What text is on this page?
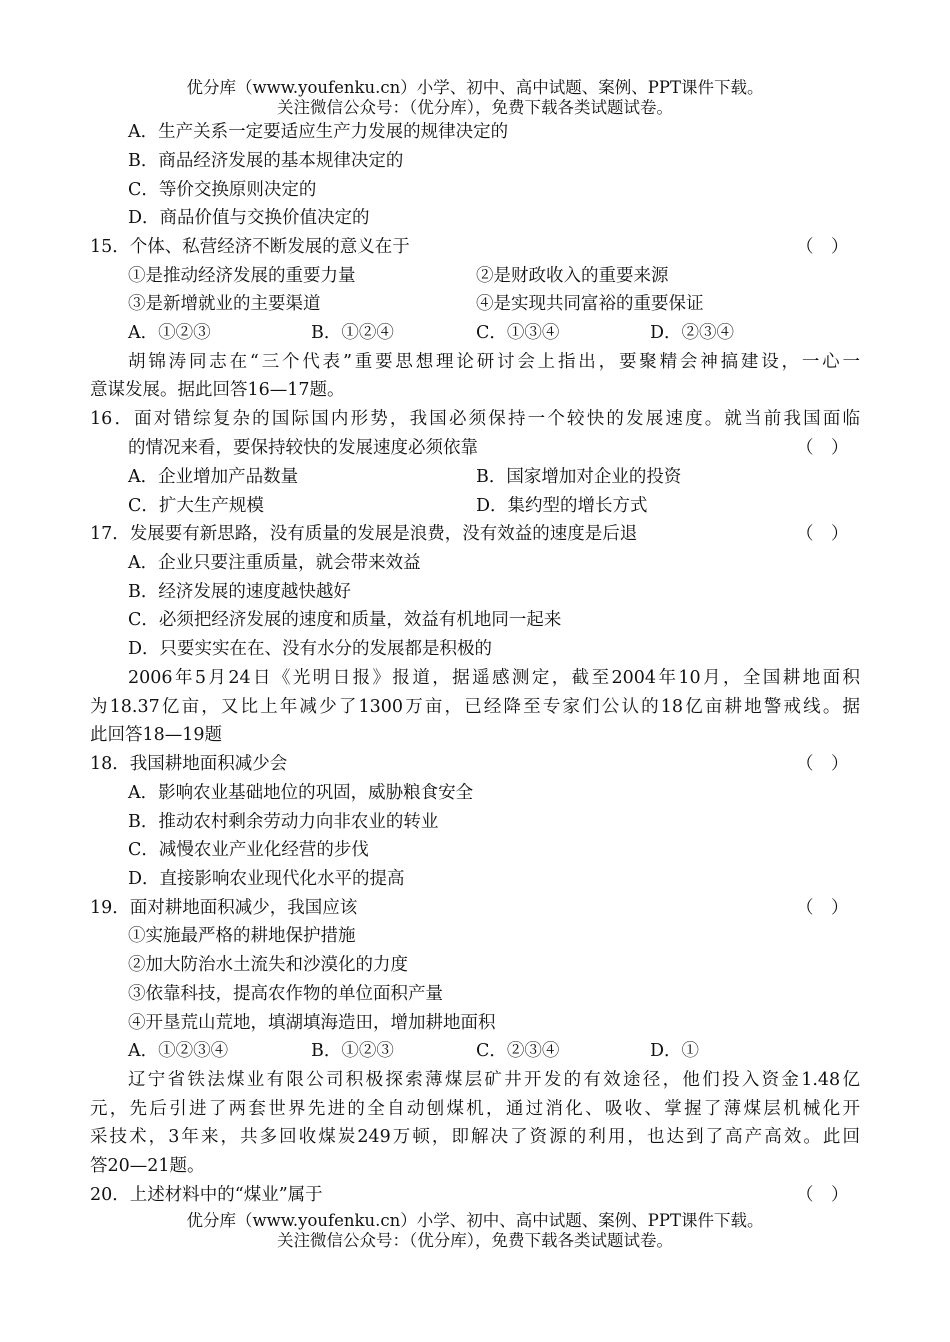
优分库（www.youfenku.cn）小学、初中、高中试题、案例、PPT课件下载。
关注微信公众号：（优分库），免费下载各类试题试卷。
A．生产关系一定要适应生产力发展的规律决定的
B．商品经济发展的基本规律决定的
C．等价交换原则决定的
D．商品价值与交换价值决定的
15．个体、私营经济不断发展的意义在于	（　）
①是推动经济发展的重要力量	②是财政收入的重要来源
③是新增就业的主要渠道	④是实现共同富裕的重要保证
A．①②③	B．①②④	C．①③④	D．②③④
胡锦涛同志在“三个代表”重要思想理论研讨会上指出，要聚精会神搞建设，一心一
意谋发展。据此回答16—17题。
16．面对错综复杂的国际国内形势，我国必须保持一个较快的发展速度。就当前我国面临
的情况来看，要保持较快的发展速度必须依靠	（　）
A．企业增加产品数量	B．国家增加对企业的投资
C．扩大生产规模	D．集约型的增长方式
17．发展要有新思路，没有质量的发展是浪费，没有效益的速度是后退	（　）
A．企业只要注重质量，就会带来效益
B．经济发展的速度越快越好
C．必须把经济发展的速度和质量，效益有机地同一起来
D．只要实实在在、没有水分的发展都是积极的
2006年5月24日《光明日报》报道，据遥感测定，截至2004年10月，全国耕地面积
为18.37亿亩，又比上年减少了1300万亩，已经降至专家们公认的18亿亩耕地警戒线。据
此回答18—19题
18．我国耕地面积减少会	（　）
A．影响农业基础地位的巩固，威胁粮食安全
B．推动农村剩余劳动力向非农业的转业
C．减慢农业产业化经营的步伐
D．直接影响农业现代化水平的提高
19．面对耕地面积减少，我国应该	（　）
①实施最严格的耕地保护措施
②加大防治水土流失和沙漠化的力度
③依靠科技，提高农作物的单位面积产量
④开垦荒山荒地，填湖填海造田，增加耕地面积
A．①②③④	B．①②③	C．②③④	D．①
辽宁省铁法煤业有限公司积极探索薄煤层矿井开发的有效途径，他们投入资金1.48亿
元，先后引进了两套世界先进的全自动刨煤机，通过消化、吸收、掌握了薄煤层机械化开
采技术，3年来，共多回收煤炭249万顿，即解决了资源的利用，也达到了高产高效。此回
答20—21题。
20．上述材料中的“煤业”属于	（　）
优分库（www.youfenku.cn）小学、初中、高中试题、案例、PPT课件下载。
关注微信公众号：（优分库），免费下载各类试题试卷。
